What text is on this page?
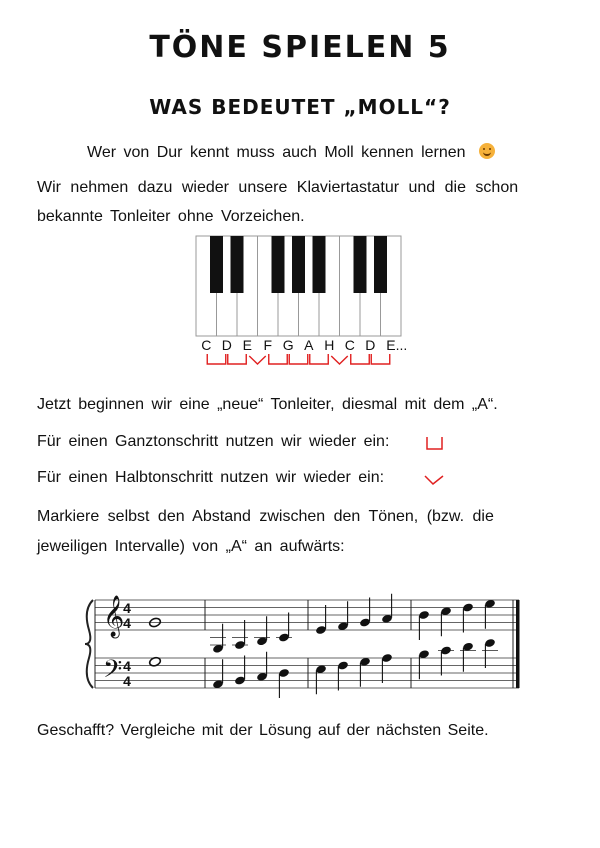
TÖNE SPIELEN 5
WAS BEDEUTET „MOLL“?
Wer von Dur kennt muss auch Moll kennen lernen
Wir nehmen dazu wieder unsere Klaviertastatur und die schon
bekannte Tonleiter ohne Vorzeichen.
C D E F G A H C D E...
Jetzt beginnen wir eine „neue“ Tonleiter, diesmal mit dem „A“.
Für einen Ganztonschritt nutzen wir wieder ein:
Für einen Halbtonschritt nutzen wir wieder ein:
Markiere selbst den Abstand zwischen den Tönen, (bzw. die
jeweiligen Intervalle) von „A“ an aufwärts:
𝄞
𝄢
4
4
4
4
Geschafft? Vergleiche mit der Lösung auf der nächsten Seite.
